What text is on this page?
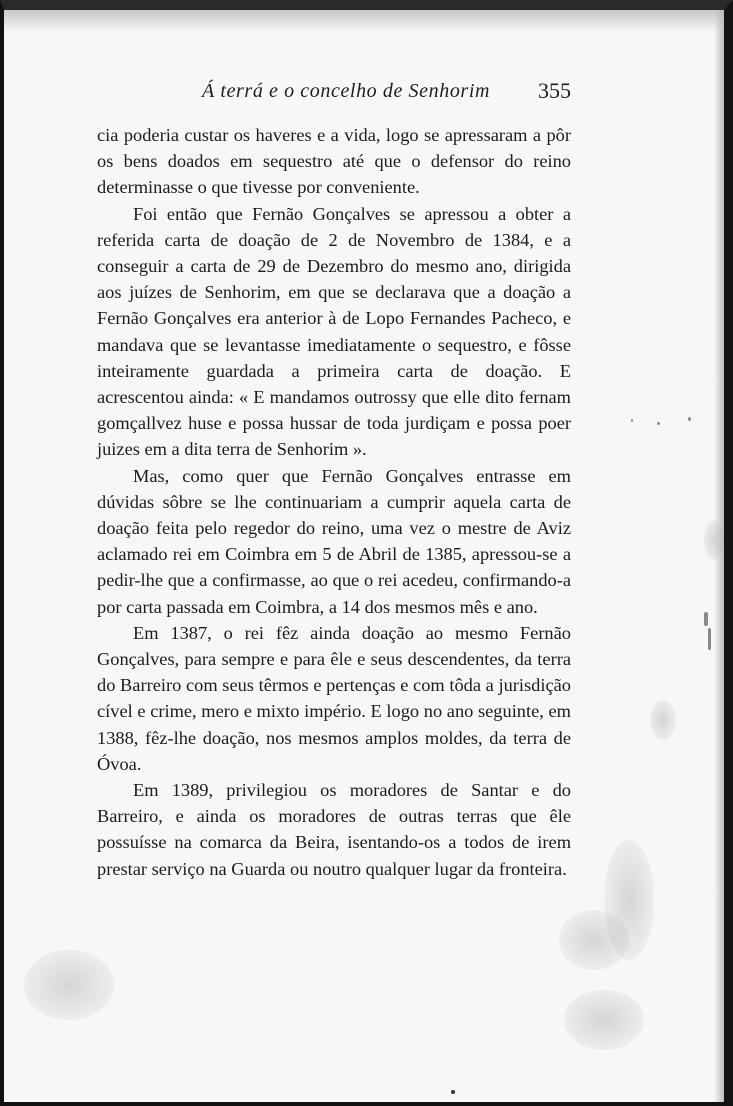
Á terrá e o concelho de Senhorim 355

cia poderia custar os haveres e a vida, logo se apressaram a pôr os bens doados em sequestro até que o defensor do reino determinasse o que tivesse por conveniente.

Foi então que Fernão Gonçalves se apressou a obter a referida carta de doação de 2 de Novembro de 1384, e a conseguir a carta de 29 de Dezembro do mesmo ano, dirigida aos juízes de Senhorim, em que se declarava que a doação a Fernão Gonçalves era anterior à de Lopo Fernandes Pacheco, e mandava que se levantasse imediatamente o sequestro, e fôsse inteiramente guardada a primeira carta de doação. E acrescentou ainda: « E mandamos outrossy que elle dito fernam gomçallvez huse e possa hussar de toda jurdiçam e possa poer juizes em a dita terra de Senhorim ».

Mas, como quer que Fernão Gonçalves entrasse em dúvidas sôbre se lhe continuariam a cumprir aquela carta de doação feita pelo regedor do reino, uma vez o mestre de Aviz aclamado rei em Coimbra em 5 de Abril de 1385, apressou-se a pedir-lhe que a confirmasse, ao que o rei acedeu, confirmando-a por carta passada em Coimbra, a 14 dos mesmos mês e ano.

Em 1387, o rei fêz ainda doação ao mesmo Fernão Gonçalves, para sempre e para êle e seus descendentes, da terra do Barreiro com seus têrmos e pertenças e com tôda a jurisdição cível e crime, mero e mixto império. E logo no ano seguinte, em 1388, fêz-lhe doação, nos mesmos amplos moldes, da terra de Óvoa.

Em 1389, privilegiou os moradores de Santar e do Barreiro, e ainda os moradores de outras terras que êle possuísse na comarca da Beira, isentando-os a todos de irem prestar serviço na Guarda ou noutro qualquer lugar da fronteira.
